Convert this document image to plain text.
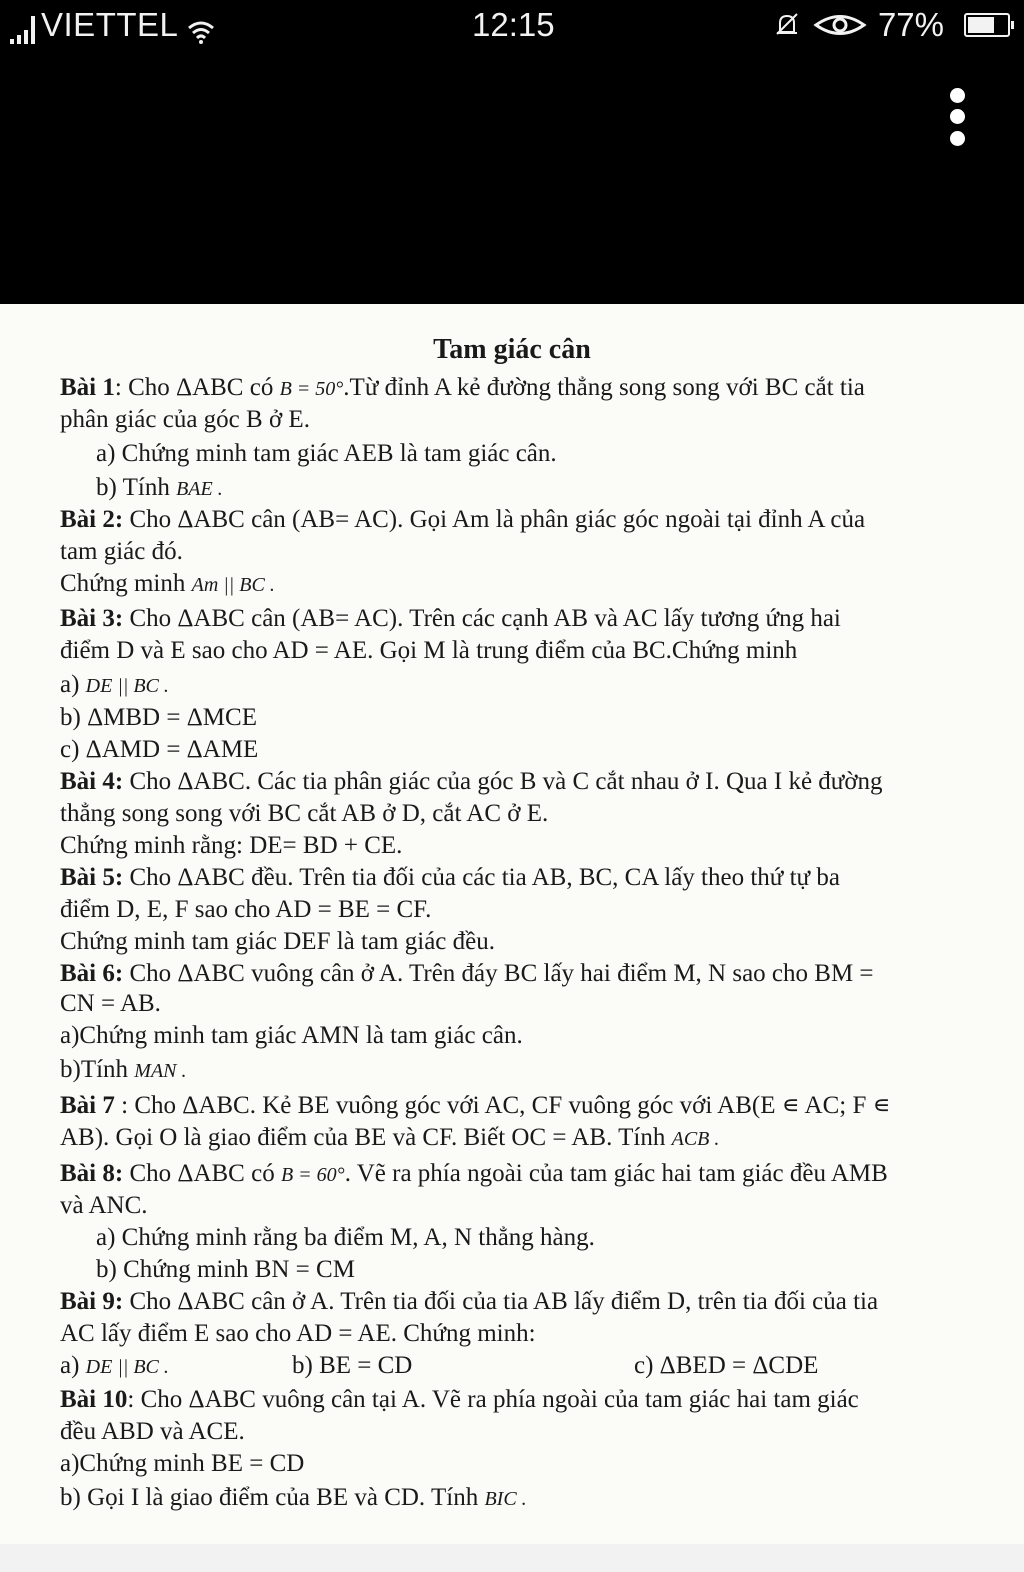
VIETTEL	12:15	77%
Tam giác cân
Bài 1: Cho ΔABC có B = 50°.Từ đỉnh A kẻ đường thẳng song song với BC cắt tia
phân giác của góc B ở E.
a) Chứng minh tam giác AEB là tam giác cân.
b) Tính BAE .
Bài 2: Cho ΔABC cân (AB= AC). Gọi Am là phân giác góc ngoài tại đỉnh A của
tam giác đó.
Chứng minh Am || BC .
Bài 3: Cho ΔABC cân (AB= AC). Trên các cạnh AB và AC lấy tương ứng hai
điểm D và E sao cho AD = AE. Gọi M là trung điểm của BC.Chứng minh
a) DE || BC .
b) ΔMBD = ΔMCE
c) ΔAMD = ΔAME
Bài 4: Cho ΔABC. Các tia phân giác của góc B và C cắt nhau ở I. Qua I kẻ đường
thẳng song song với BC cắt AB ở D, cắt AC ở E.
Chứng minh rằng: DE= BD + CE.
Bài 5: Cho ΔABC đều. Trên tia đối của các tia AB, BC, CA lấy theo thứ tự ba
điểm D, E, F sao cho AD = BE = CF.
Chứng minh tam giác DEF là tam giác đều.
Bài 6: Cho ΔABC vuông cân ở A. Trên đáy BC lấy hai điểm M, N sao cho BM =
CN = AB.
a)Chứng minh tam giác AMN là tam giác cân.
b)Tính MAN .
Bài 7 : Cho ΔABC. Kẻ BE vuông góc với AC, CF vuông góc với AB(E ∊ AC; F ∊
AB). Gọi O là giao điểm của BE và CF. Biết OC = AB. Tính ACB .
Bài 8: Cho ΔABC có B = 60°. Vẽ ra phía ngoài của tam giác hai tam giác đều AMB
và ANC.
a) Chứng minh rằng ba điểm M, A, N thẳng hàng.
b) Chứng minh BN = CM
Bài 9: Cho ΔABC cân ở A. Trên tia đối của tia AB lấy điểm D, trên tia đối của tia
AC lấy điểm E sao cho AD = AE. Chứng minh:
a) DE || BC .	b) BE = CD	c) ΔBED = ΔCDE
Bài 10: Cho ΔABC vuông cân tại A. Vẽ ra phía ngoài của tam giác hai tam giác
đều ABD và ACE.
a)Chứng minh BE = CD
b) Gọi I là giao điểm của BE và CD. Tính BIC .
